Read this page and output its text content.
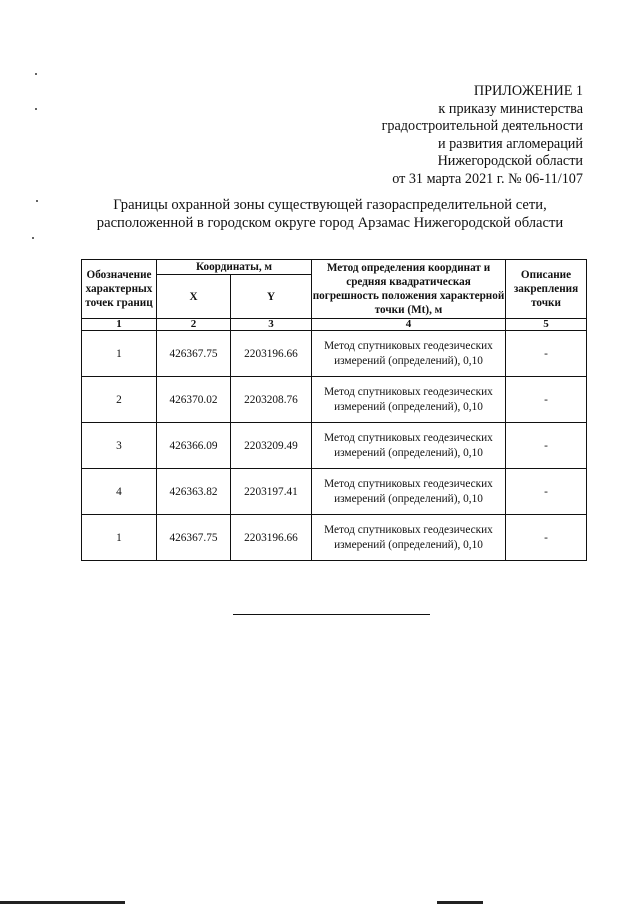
ПРИЛОЖЕНИЕ 1
к приказу министерства
градостроительной деятельности
и развития агломераций
Нижегородской области
от 31 марта 2021 г. № 06-11/107
Границы охранной зоны существующей газораспределительной сети,
расположенной в городском округе город Арзамас Нижегородской области
Обозначение характерных точек границ	Координаты, м		Метод определения координат и средняя квадратическая погрешность положения характерной точки (Mt), м	Описание закрепления точки
	X	Y		
1	2	3	4	5
1	426367.75	2203196.66	Метод спутниковых геодезических измерений (определений), 0,10	-
2	426370.02	2203208.76	Метод спутниковых геодезических измерений (определений), 0,10	-
3	426366.09	2203209.49	Метод спутниковых геодезических измерений (определений), 0,10	-
4	426363.82	2203197.41	Метод спутниковых геодезических измерений (определений), 0,10	-
1	426367.75	2203196.66	Метод спутниковых геодезических измерений (определений), 0,10	-
